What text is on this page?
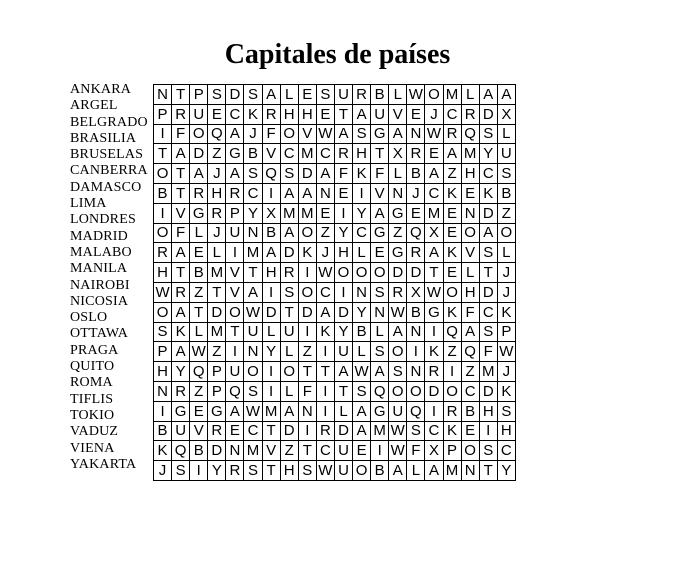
Capitales de países
ANKARA
ARGEL
BELGRADO
BRASILIA
BRUSELAS
CANBERRA
DAMASCO
LIMA
LONDRES
MADRID
MALABO
MANILA
NAIROBI
NICOSIA
OSLO
OTTAWA
PRAGA
QUITO
ROMA
TIFLIS
TOKIO
VADUZ
VIENA
YAKARTA
N	T	P	S	D	S	A	L	E	S	U	R	B	L	W	O	M	L	A	A
P	R	U	E	C	K	R	H	H	E	T	A	U	V	E	J	C	R	D	X
I	F	O	Q	A	J	F	O	V	W	A	S	G	A	N	W	R	Q	S	L
T	A	D	Z	G	B	V	C	M	C	R	H	T	X	R	E	A	M	Y	U
O	T	A	J	A	S	Q	S	D	A	F	K	F	L	B	A	Z	H	C	S
B	T	R	H	R	C	I	A	A	N	E	I	V	N	J	C	K	E	K	B
I	V	G	R	P	Y	X	M	M	E	I	Y	A	G	E	M	E	N	D	Z
O	F	L	J	U	N	B	A	O	Z	Y	C	G	Z	Q	X	E	O	A	O
R	A	E	L	I	M	A	D	K	J	H	L	E	G	R	A	K	V	S	L
H	T	B	M	V	T	H	R	I	W	O	O	O	D	D	T	E	L	T	J
W	R	Z	T	V	A	I	S	O	C	I	N	S	R	X	W	O	H	D	J
O	A	T	D	O	W	D	T	D	A	D	Y	N	W	B	G	K	F	C	K
S	K	L	M	T	U	L	U	I	K	Y	B	L	A	N	I	Q	A	S	P
P	A	W	Z	I	N	Y	L	Z	I	U	L	S	O	I	K	Z	Q	F	W
H	Y	Q	P	U	O	I	O	T	T	A	W	A	S	N	R	I	Z	M	J
N	R	Z	P	Q	S	I	L	F	I	T	S	Q	O	O	D	O	C	D	K
I	G	E	G	A	W	M	A	N	I	L	A	G	U	Q	I	R	B	H	S
B	U	V	R	E	C	T	D	I	R	D	A	M	W	S	C	K	E	I	H
K	Q	B	D	N	M	V	Z	T	C	U	E	I	W	F	X	P	O	S	C
J	S	I	Y	R	S	T	H	S	W	U	O	B	A	L	A	M	N	T	Y
